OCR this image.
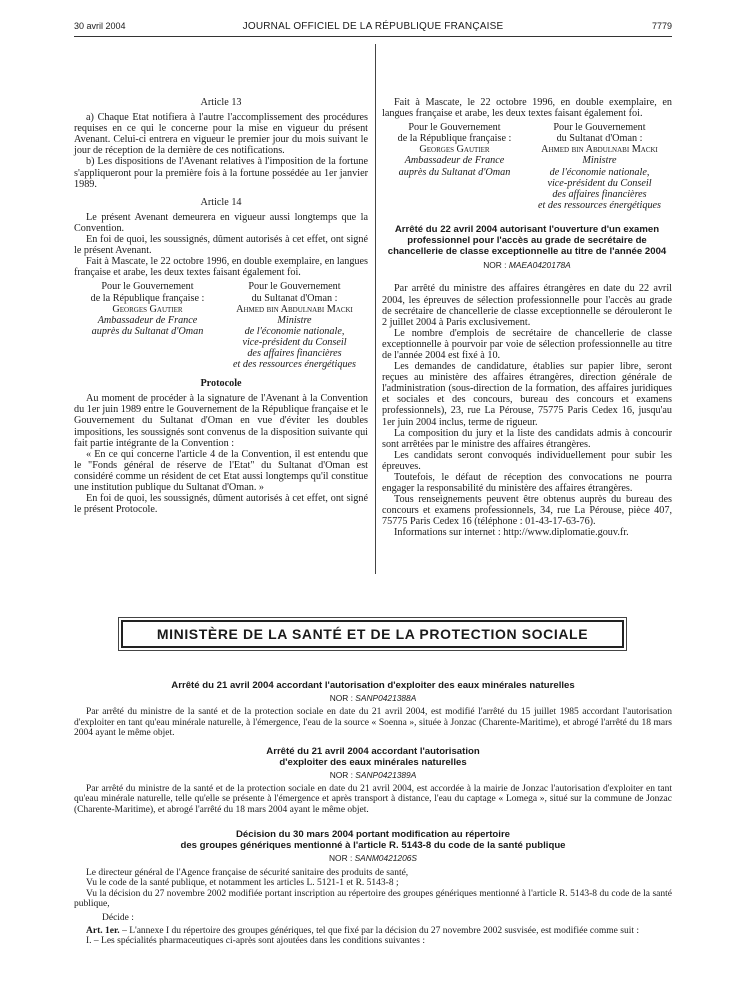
30 avril 2004	JOURNAL OFFICIEL DE LA RÉPUBLIQUE FRANÇAISE	7779

Article 13

a) Chaque Etat notifiera à l'autre l'accomplissement des procédures requises en ce qui le concerne pour la mise en vigueur du présent Avenant. Celui-ci entrera en vigueur le premier jour du mois suivant le jour de réception de la dernière de ces notifications.

b) Les dispositions de l'Avenant relatives à l'imposition de la fortune s'appliqueront pour la première fois à la fortune possédée au 1er janvier 1989.

Article 14

Le présent Avenant demeurera en vigueur aussi longtemps que la Convention.

En foi de quoi, les soussignés, dûment autorisés à cet effet, ont signé le présent Avenant.

Fait à Mascate, le 22 octobre 1996, en double exemplaire, en langues française et arabe, les deux textes faisant également foi.

Pour le Gouvernement
de la République française :
Georges Gautier
Ambassadeur de France
auprès du Sultanat d'Oman
Pour le Gouvernement
du Sultanat d'Oman :
Ahmed bin Abdulnabi Macki
Ministre
de l'économie nationale,
vice-président du Conseil
des affaires financières
et des ressources énergétiques

Protocole

Au moment de procéder à la signature de l'Avenant à la Convention du 1er juin 1989 entre le Gouvernement de la République française et le Gouvernement du Sultanat d'Oman en vue d'éviter les doubles impositions, les soussignés sont convenus de la disposition suivante qui fait partie intégrante de la Convention :

« En ce qui concerne l'article 4 de la Convention, il est entendu que le "Fonds général de réserve de l'Etat" du Sultanat d'Oman est considéré comme un résident de cet Etat aussi longtemps qu'il constitue une institution publique du Sultanat d'Oman. »

En foi de quoi, les soussignés, dûment autorisés à cet effet, ont signé le présent Protocole.

Fait à Mascate, le 22 octobre 1996, en double exemplaire, en langues française et arabe, les deux textes faisant également foi.

Pour le Gouvernement
de la République française :
Georges Gautier
Ambassadeur de France
auprès du Sultanat d'Oman
Pour le Gouvernement
du Sultanat d'Oman :
Ahmed bin Abdulnabi Macki
Ministre
de l'économie nationale,
vice-président du Conseil
des affaires financières
et des ressources énergétiques

Arrêté du 22 avril 2004 autorisant l'ouverture d'un examen professionnel pour l'accès au grade de secrétaire de chancellerie de classe exceptionnelle au titre de l'année 2004

NOR : MAEA0420178A

Par arrêté du ministre des affaires étrangères en date du 22 avril 2004, les épreuves de sélection professionnelle pour l'accès au grade de secrétaire de chancellerie de classe exceptionnelle se dérouleront le 2 juillet 2004 à Paris exclusivement.

Le nombre d'emplois de secrétaire de chancellerie de classe exceptionnelle à pourvoir par voie de sélection professionnelle au titre de l'année 2004 est fixé à 10.

Les demandes de candidature, établies sur papier libre, seront reçues au ministère des affaires étrangères, direction générale de l'administration (sous-direction de la formation, des affaires juridiques et sociales et des concours, bureau des concours et examens professionnels), 23, rue La Pérouse, 75775 Paris Cedex 16, jusqu'au 1er juin 2004 inclus, terme de rigueur.

La composition du jury et la liste des candidats admis à concourir sont arrêtées par le ministre des affaires étrangères.

Les candidats seront convoqués individuellement pour subir les épreuves.

Toutefois, le défaut de réception des convocations ne pourra engager la responsabilité du ministère des affaires étrangères.

Tous renseignements peuvent être obtenus auprès du bureau des concours et examens professionnels, 34, rue La Pérouse, pièce 407, 75775 Paris Cedex 16 (téléphone : 01-43-17-63-76).

Informations sur internet : http://www.diplomatie.gouv.fr.

MINISTÈRE DE LA SANTÉ ET DE LA PROTECTION SOCIALE

Arrêté du 21 avril 2004 accordant l'autorisation d'exploiter des eaux minérales naturelles

NOR : SANP0421388A

Par arrêté du ministre de la santé et de la protection sociale en date du 21 avril 2004, est modifié l'arrêté du 15 juillet 1985 accordant l'autorisation d'exploiter en tant qu'eau minérale naturelle, à l'émergence, l'eau de la source « Soenna », située à Jonzac (Charente-Maritime), et abrogé l'arrêté du 18 mars 2004 ayant le même objet.

Arrêté du 21 avril 2004 accordant l'autorisation

d'exploiter des eaux minérales naturelles

NOR : SANP0421389A

Par arrêté du ministre de la santé et de la protection sociale en date du 21 avril 2004, est accordée à la mairie de Jonzac l'autorisation d'exploiter en tant qu'eau minérale naturelle, telle qu'elle se présente à l'émergence et après transport à distance, l'eau du captage « Lomega », situé sur la commune de Jonzac (Charente-Maritime), et abrogé l'arrêté du 18 mars 2004 ayant le même objet.

Décision du 30 mars 2004 portant modification au répertoire

des groupes génériques mentionné à l'article R. 5143-8 du code de la santé publique

NOR : SANM0421206S

Le directeur général de l'Agence française de sécurité sanitaire des produits de santé,

Vu le code de la santé publique, et notamment les articles L. 5121-1 et R. 5143-8 ;

Vu la décision du 27 novembre 2002 modifiée portant inscription au répertoire des groupes génériques mentionné à l'article R. 5143-8 du code de la santé publique,

Décide :

Art. 1er. – L'annexe I du répertoire des groupes génériques, tel que fixé par la décision du 27 novembre 2002 susvisée, est modifiée comme suit :

I. – Les spécialités pharmaceutiques ci-après sont ajoutées dans les conditions suivantes :
